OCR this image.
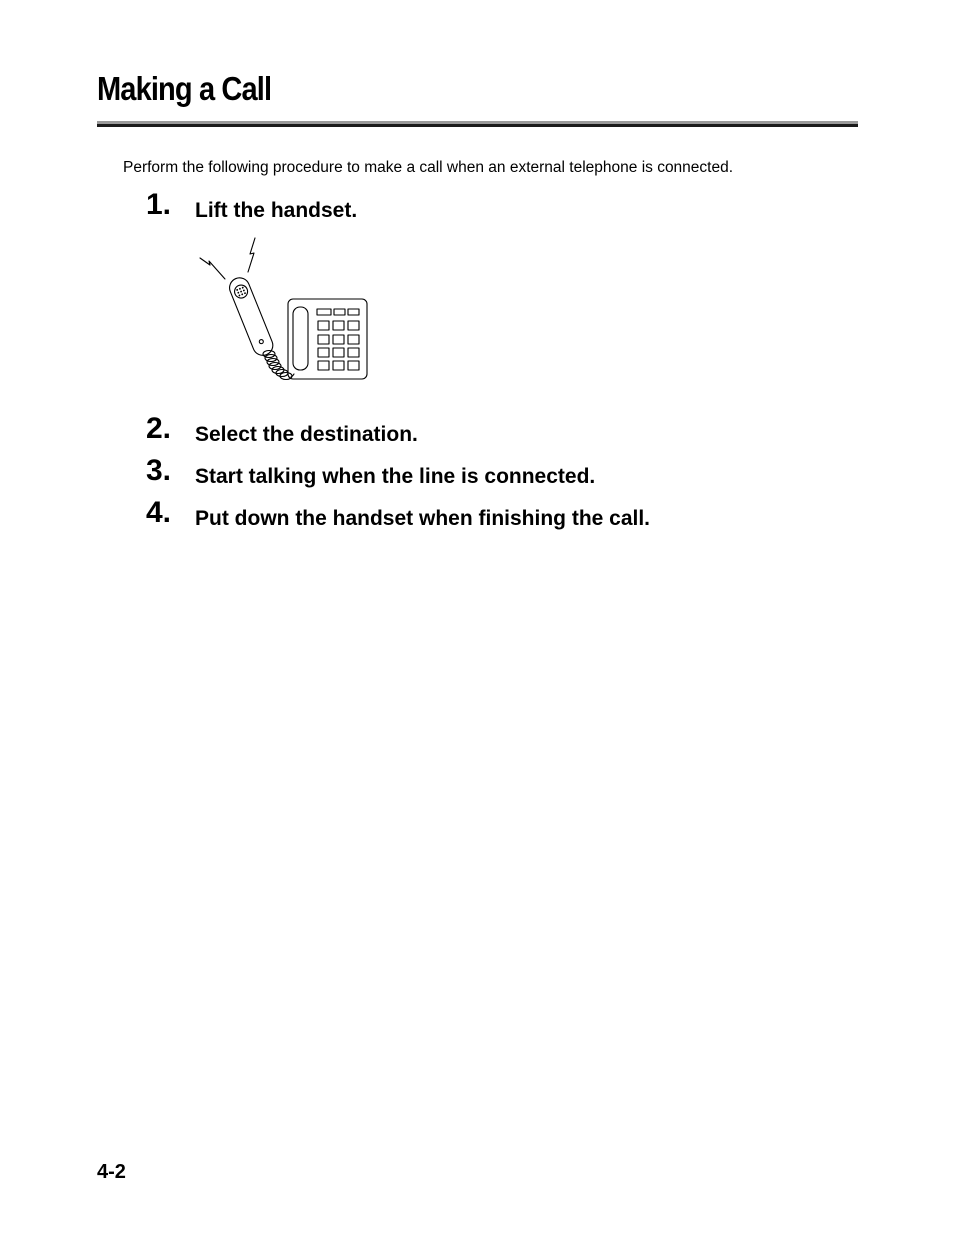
Making a Call

Perform the following procedure to make a call when an external telephone is connected.

1. Lift the handset.
2. Select the destination.
3. Start talking when the line is connected.
4. Put down the handset when finishing the call.
4-2
